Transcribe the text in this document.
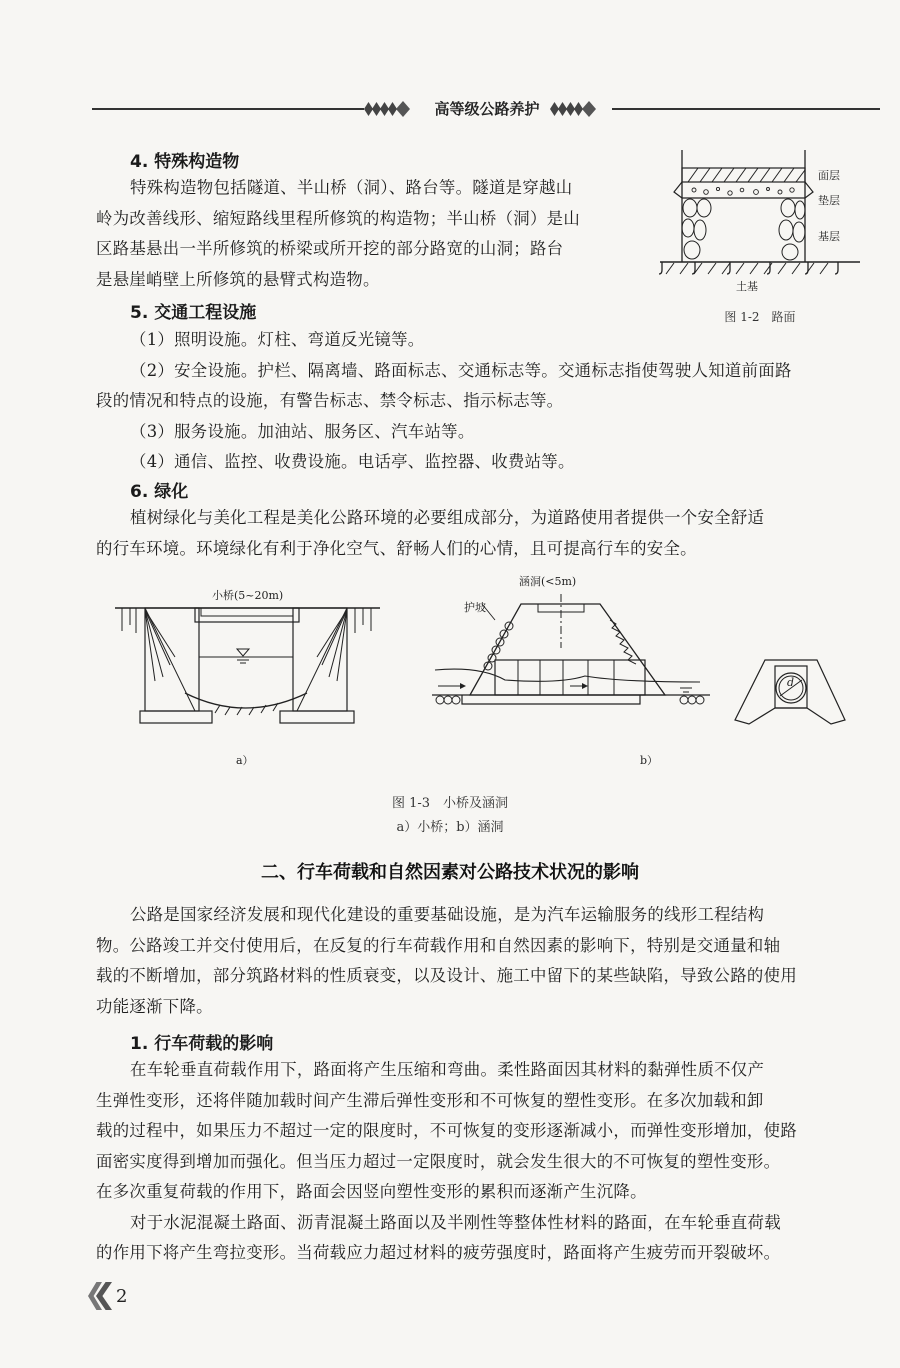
高等级公路养护
4. 特殊构造物
特殊构造物包括隧道、半山桥（洞）、路台等。隧道是穿越山
岭为改善线形、缩短路线里程所修筑的构造物；半山桥（洞）是山
区路基悬出一半所修筑的桥梁或所开挖的部分路宽的山洞；路台
是悬崖峭壁上所修筑的悬臂式构造物。
面层
垫层
基层
土基
图 1-2　路面
5. 交通工程设施
（1）照明设施。灯柱、弯道反光镜等。
（2）安全设施。护栏、隔离墙、路面标志、交通标志等。交通标志指使驾驶人知道前面路
段的情况和特点的设施，有警告标志、禁令标志、指示标志等。
（3）服务设施。加油站、服务区、汽车站等。
（4）通信、监控、收费设施。电话亭、监控器、收费站等。
6. 绿化
植树绿化与美化工程是美化公路环境的必要组成部分，为道路使用者提供一个安全舒适
的行车环境。环境绿化有利于净化空气、舒畅人们的心情，且可提高行车的安全。
小桥(5~20m)
a）
涵洞(<5m)
护坡
b）
d
图 1-3　小桥及涵洞
a）小桥；b）涵洞
二、行车荷载和自然因素对公路技术状况的影响
公路是国家经济发展和现代化建设的重要基础设施，是为汽车运输服务的线形工程结构
物。公路竣工并交付使用后，在反复的行车荷载作用和自然因素的影响下，特别是交通量和轴
载的不断增加，部分筑路材料的性质衰变，以及设计、施工中留下的某些缺陷，导致公路的使用
功能逐渐下降。
1. 行车荷载的影响
在车轮垂直荷载作用下，路面将产生压缩和弯曲。柔性路面因其材料的黏弹性质不仅产
生弹性变形，还将伴随加载时间产生滞后弹性变形和不可恢复的塑性变形。在多次加载和卸
载的过程中，如果压力不超过一定的限度时，不可恢复的变形逐渐减小，而弹性变形增加，使路
面密实度得到增加而强化。但当压力超过一定限度时，就会发生很大的不可恢复的塑性变形。
在多次重复荷载的作用下，路面会因竖向塑性变形的累积而逐渐产生沉降。
对于水泥混凝土路面、沥青混凝土路面以及半刚性等整体性材料的路面，在车轮垂直荷载
的作用下将产生弯拉变形。当荷载应力超过材料的疲劳强度时，路面将产生疲劳而开裂破坏。
2
